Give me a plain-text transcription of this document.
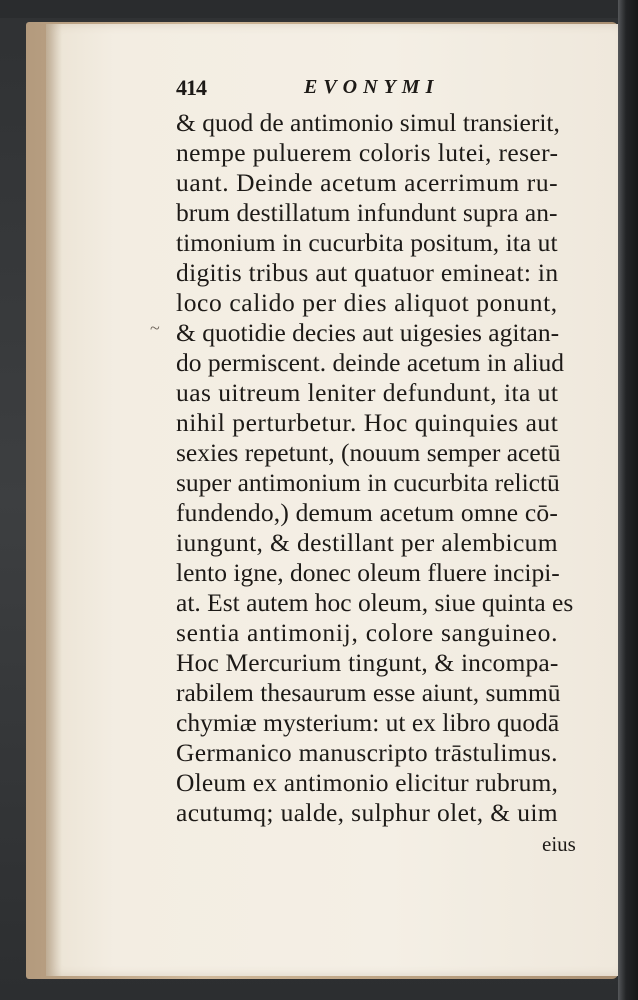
414	EVONYMI
~
& quod de antimonio simul transierit,
nempe puluerem coloris lutei, reser-
uant. Deinde acetum acerrimum ru-
brum destillatum infundunt supra an-
timonium in cucurbita positum, ita ut
digitis tribus aut quatuor emineat: in
loco calido per dies aliquot ponunt,
& quotidie decies aut uigesies agitan-
do permiscent. deinde acetum in aliud
uas uitreum leniter defundunt, ita ut
nihil perturbetur. Hoc quinquies aut
sexies repetunt, (nouum semper acetū
super antimonium in cucurbita relictū
fundendo,) demum acetum omne cō-
iungunt, & destillant per alembicum
lento igne, donec oleum fluere incipi-
at. Est autem hoc oleum, siue quinta es
sentia antimonij, colore sanguineo.
Hoc Mercurium tingunt, & incompa-
rabilem thesaurum esse aiunt, summū
chymiæ mysterium: ut ex libro quodā
Germanico manuscripto trāstulimus.
Oleum ex antimonio elicitur rubrum,
acutumq; ualde, sulphur olet, & uim
eius
